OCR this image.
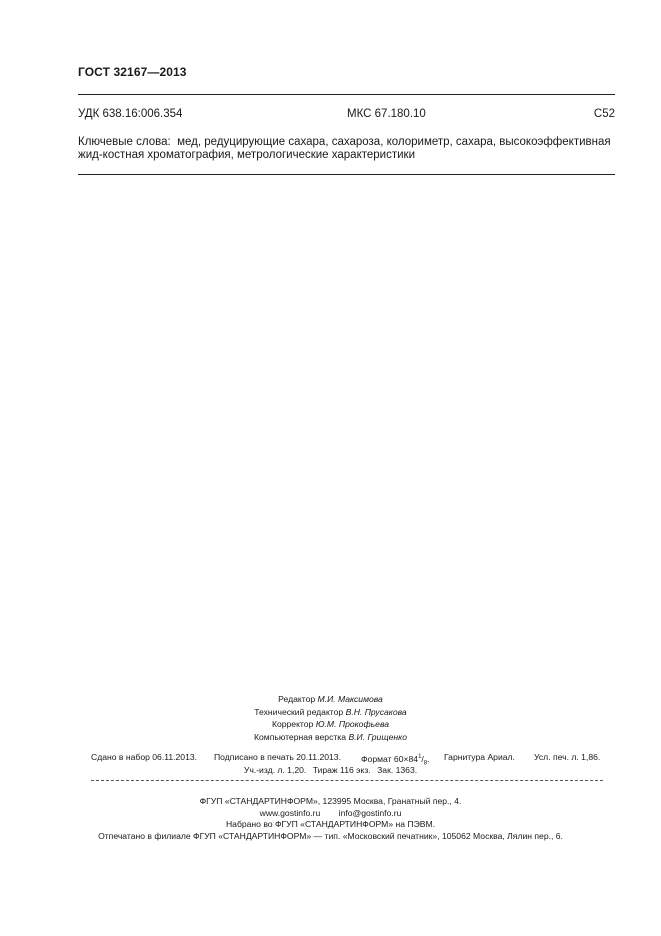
ГОСТ 32167—2013
УДК 638.16:006.354	МКС 67.180.10	С52

Ключевые слова: мед, редуцирующие сахара, сахароза, колориметр, сахара, высокоэффективная жид-костная хроматография, метрологические характеристики

Редактор М.И. Максимова
Технический редактор В.Н. Прусакова
Корректор Ю.М. Прокофьева
Компьютерная верстка В.И. Грищенко
Сдано в набор 06.11.2013. Подписано в печать 20.11.2013. Формат $60\times 84^1/_8$. Гарнитура Ариал. Усл. печ. л. 1,86.
Уч.-изд. л. 1,20. Тираж 116 экз. Зак. 1363.
ФГУП «СТАНДАРТИНФОРМ», 123995 Москва, Гранатный пер., 4.
www.gostinfo.ru info@gostinfo.ru
Набрано во ФГУП «СТАНДАРТИНФОРМ» на ПЭВМ.
Отпечатано в филиале ФГУП «СТАНДАРТИНФОРМ» — тип. «Московский печатник», 105062 Москва, Лялин пер., 6.
